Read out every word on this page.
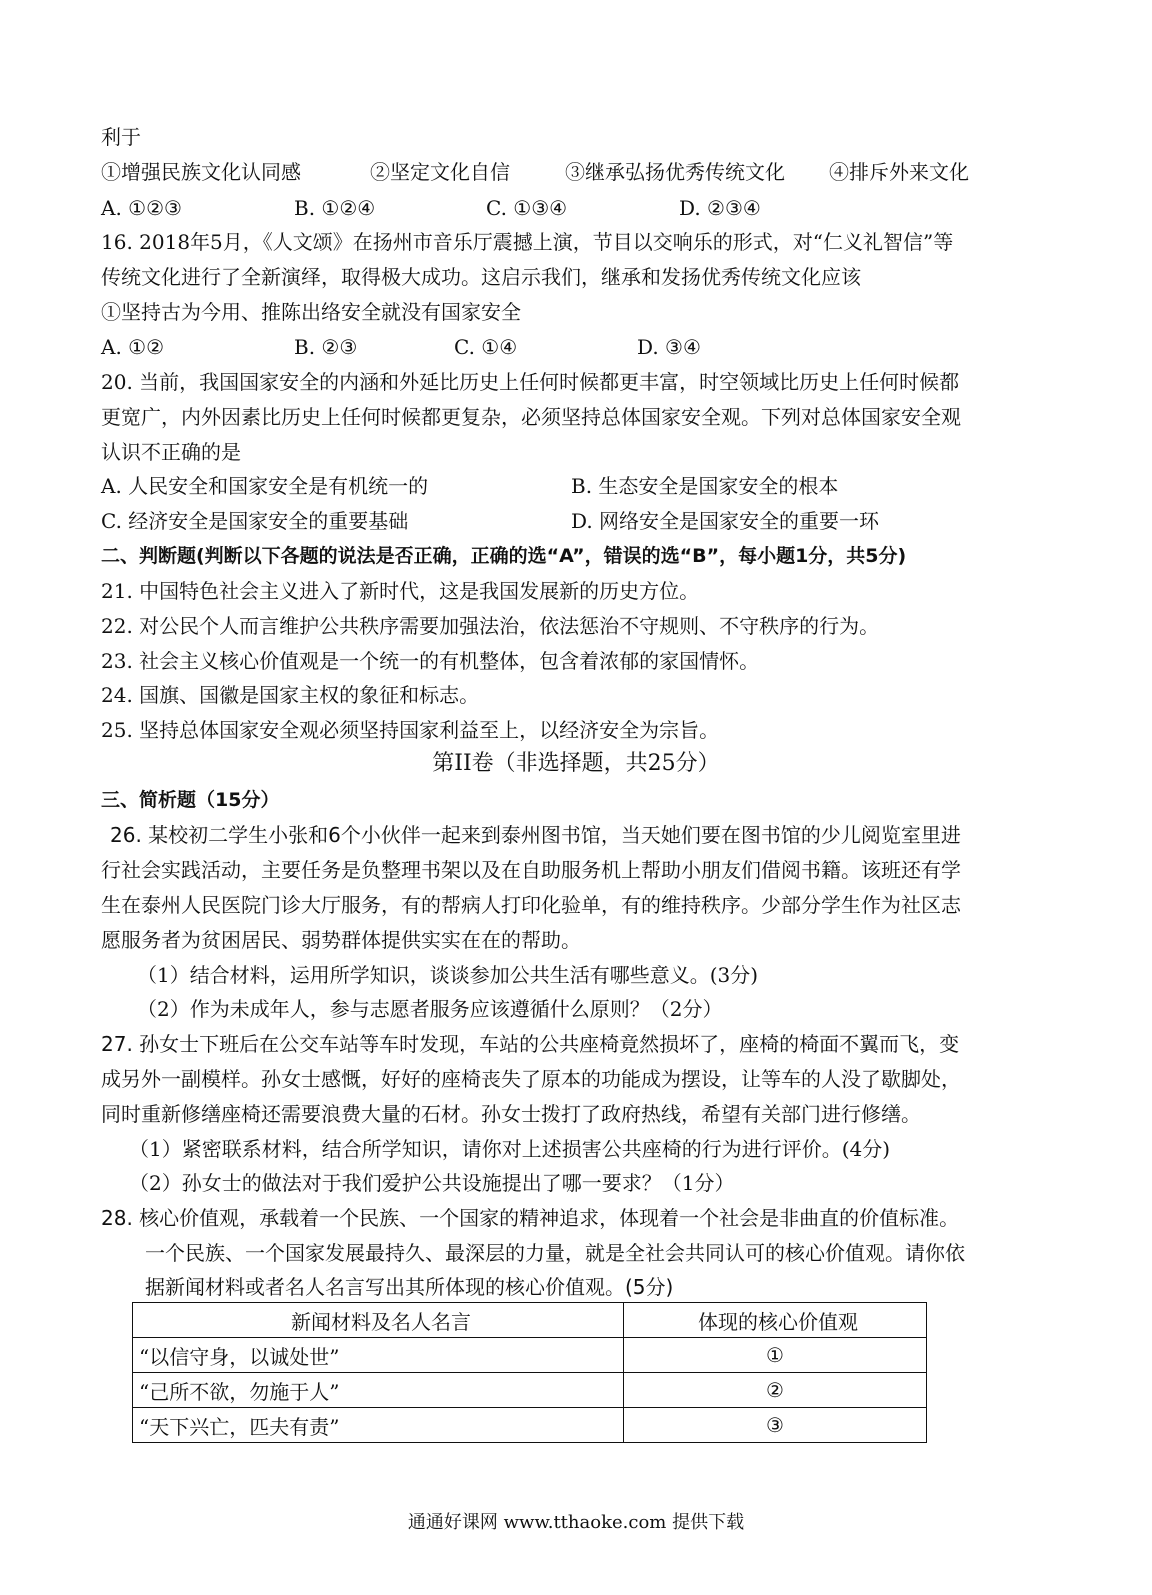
利于
①增强民族文化认同感	②坚定文化自信	③继承弘扬优秀传统文化 ④排斥外来文化
A. ①②③	B. ①②④	C. ①③④	D. ②③④
16. 2018年5月，《人文颂》在扬州市音乐厅震撼上演，节目以交响乐的形式，对“仁义礼智信”等
传统文化进行了全新演绎，取得极大成功。这启示我们，继承和发扬优秀传统文化应该
①坚持古为今用、推陈出络安全就没有国家安全
A. ①②	B. ②③	C. ①④	D. ③④
20. 当前，我国国家安全的内涵和外延比历史上任何时候都更丰富，时空领域比历史上任何时候都
更宽广，内外因素比历史上任何时候都更复杂，必须坚持总体国家安全观。下列对总体国家安全观
认识不正确的是
A. 人民安全和国家安全是有机统一的	B. 生态安全是国家安全的根本
C. 经济安全是国家安全的重要基础	D. 网络安全是国家安全的重要一环
二、判断题(判断以下各题的说法是否正确，正确的选“A”，错误的选“B”，每小题1分，共5分)
21. 中国特色社会主义进入了新时代，这是我国发展新的历史方位。
22. 对公民个人而言维护公共秩序需要加强法治，依法惩治不守规则、不守秩序的行为。
23. 社会主义核心价值观是一个统一的有机整体，包含着浓郁的家国情怀。
24. 国旗、国徽是国家主权的象征和标志。
25. 坚持总体国家安全观必须坚持国家利益至上，以经济安全为宗旨。
第II卷（非选择题，共25分）
三、简析题（15分）
26. 某校初二学生小张和6个小伙伴一起来到泰州图书馆，当天她们要在图书馆的少儿阅览室里进
行社会实践活动，主要任务是负整理书架以及在自助服务机上帮助小朋友们借阅书籍。该班还有学
生在泰州人民医院门诊大厅服务，有的帮病人打印化验单，有的维持秩序。少部分学生作为社区志
愿服务者为贫困居民、弱势群体提供实实在在的帮助。
（1）结合材料，运用所学知识，谈谈参加公共生活有哪些意义。(3分)
（2）作为未成年人，参与志愿者服务应该遵循什么原则？（2分）
27. 孙女士下班后在公交车站等车时发现，车站的公共座椅竟然损坏了，座椅的椅面不翼而飞，变
成另外一副模样。孙女士感慨，好好的座椅丧失了原本的功能成为摆设，让等车的人没了歇脚处，
同时重新修缮座椅还需要浪费大量的石材。孙女士拨打了政府热线，希望有关部门进行修缮。
（1）紧密联系材料，结合所学知识，请你对上述损害公共座椅的行为进行评价。(4分)
（2）孙女士的做法对于我们爱护公共设施提出了哪一要求？（1分）
28. 核心价值观，承载着一个民族、一个国家的精神追求，体现着一个社会是非曲直的价值标准。
一个民族、一个国家发展最持久、最深层的力量，就是全社会共同认可的核心价值观。请你依
据新闻材料或者名人名言写出其所体现的核心价值观。(5分)
新闻材料及名人名言	体现的核心价值观
“以信守身，以诚处世”	①
“己所不欲，勿施于人”	②
“天下兴亡，匹夫有责”	③
通通好课网 www.tthaoke.com 提供下载
